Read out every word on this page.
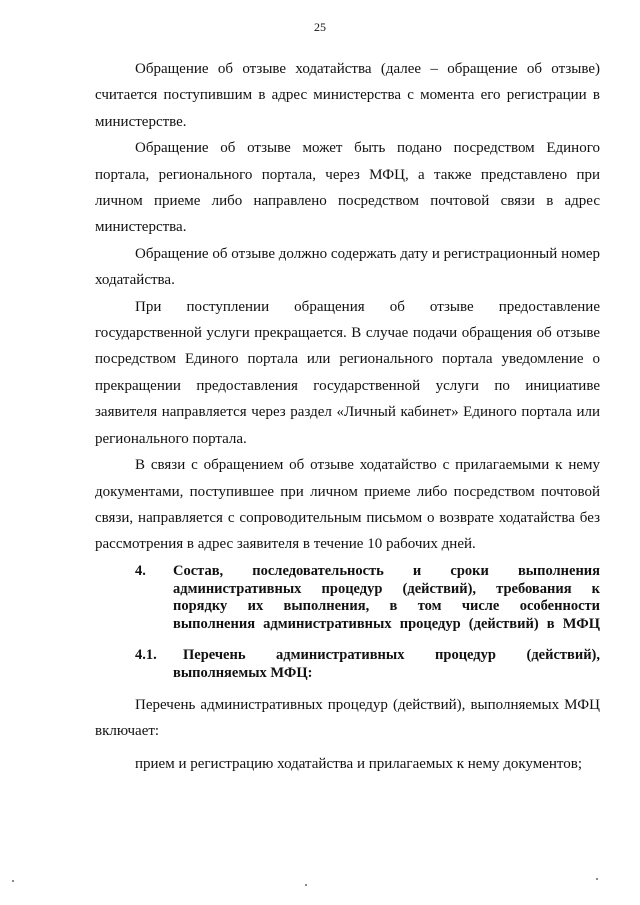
25

Обращение об отзыве ходатайства (далее – обращение об отзыве) считается поступившим в адрес министерства с момента его регистрации в министерстве.

Обращение об отзыве может быть подано посредством Единого портала, регионального портала, через МФЦ, а также представлено при личном приеме либо направлено посредством почтовой связи в адрес министерства.

Обращение об отзыве должно содержать дату и регистрационный номер ходатайства.

При поступлении обращения об отзыве предоставление государственной услуги прекращается. В случае подачи обращения об отзыве посредством Единого портала или регионального портала уведомление о прекращении предоставления государственной услуги по инициативе заявителя направляется через раздел «Личный кабинет» Единого портала или регионального портала.

В связи с обращением об отзыве ходатайство с прилагаемыми к нему документами, поступившее при личном приеме либо посредством почтовой связи, направляется с сопроводительным письмом о возврате ходатайства без рассмотрения в адрес заявителя в течение 10 рабочих дней.

4.	Состав, последовательность и сроки выполнения
административных процедур (действий), требования к
порядку их выполнения, в том числе особенности
выполнения административных процедур (действий) в МФЦ
4.1.	Перечень административных процедур (действий),
выполняемых МФЦ:

Перечень административных процедур (действий), выполняемых МФЦ включает:

прием и регистрацию ходатайства и прилагаемых к нему документов;
